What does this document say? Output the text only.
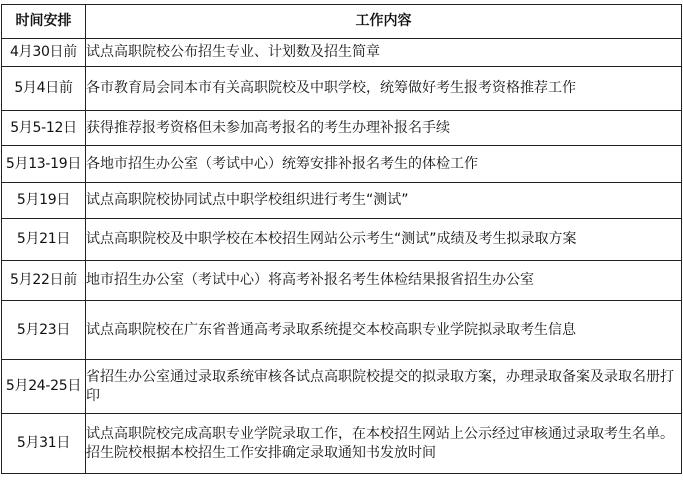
时间安排	工作内容
4月30日前	试点高职院校公布招生专业、计划数及招生简章
5月4日前	各市教育局会同本市有关高职院校及中职学校，统筹做好考生报考资格推荐工作
5月5-12日	获得推荐报考资格但未参加高考报名的考生办理补报名手续
5月13-19日	各地市招生办公室（考试中心）统筹安排补报名考生的体检工作
5月19日	试点高职院校协同试点中职学校组织进行考生“测试”
5月21日	试点高职院校及中职学校在本校招生网站公示考生“测试”成绩及考生拟录取方案
5月22日前	地市招生办公室（考试中心）将高考补报名考生体检结果报省招生办公室
5月23日	试点高职院校在广东省普通高考录取系统提交本校高职专业学院拟录取考生信息
5月24-25日	省招生办公室通过录取系统审核各试点高职院校提交的拟录取方案，办理录取备案及录取名册打印
5月31日	试点高职院校完成高职专业学院录取工作，在本校招生网站上公示经过审核通过录取考生名单。招生院校根据本校招生工作安排确定录取通知书发放时间
